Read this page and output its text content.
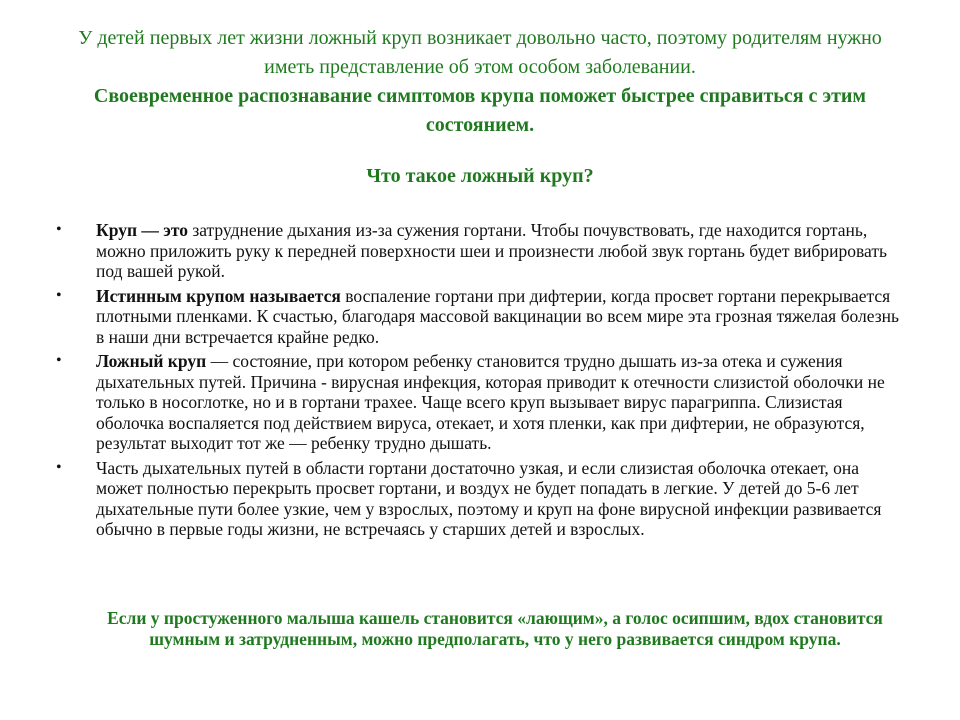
У детей первых лет жизни ложный круп возникает довольно часто, поэтому родителям нужно иметь представление об этом особом заболевании.
Своевременное распознавание симптомов крупа поможет быстрее справиться с этим состоянием.
Что такое ложный круп?
• Круп — это затруднение дыхания из-за сужения гортани. Чтобы почувствовать, где находится гортань, можно приложить руку к передней поверхности шеи и произнести любой звук гортань будет вибрировать под вашей рукой.
• Истинным крупом называется воспаление гортани при дифтерии, когда просвет гортани перекрывается плотными пленками. К счастью, благодаря массовой вакцинации во всем мире эта грозная тяжелая болезнь в наши дни встречается крайне редко.
• Ложный круп — состояние, при котором ребенку становится трудно дышать из-за отека и сужения дыхательных путей. Причина - вирусная инфекция, которая приводит к отечности слизистой оболочки не только в носоглотке, но и в гортани трахее. Чаще всего круп вызывает вирус парагриппа. Слизистая оболочка воспаляется под действием вируса, отекает, и хотя пленки, как при дифтерии, не образуются, результат выходит тот же — ребенку трудно дышать.
• Часть дыхательных путей в области гортани достаточно узкая, и если слизистая оболочка отекает, она может полностью перекрыть просвет гортани, и воздух не будет попадать в легкие. У детей до 5-6 лет дыхательные пути более узкие, чем у взрослых, поэтому и круп на фоне вирусной инфекции развивается обычно в первые годы жизни, не встречаясь у старших детей и взрослых.
Если у простуженного малыша кашель становится «лающим», а голос осипшим, вдох становится шумным и затрудненным, можно предполагать, что у него развивается синдром крупа.
